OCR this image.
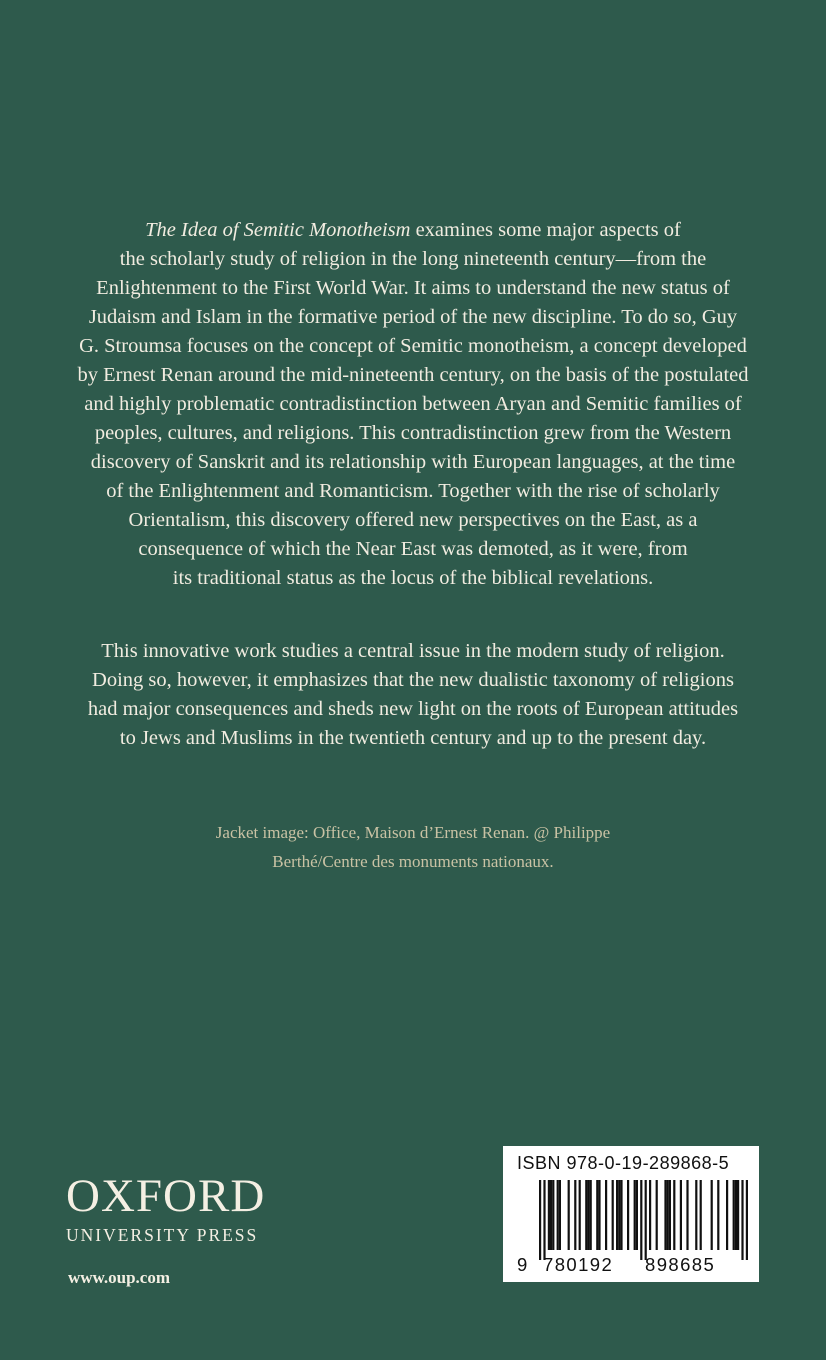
The Idea of Semitic Monotheism examines some major aspects of
the scholarly study of religion in the long nineteenth century—from the
Enlightenment to the First World War. It aims to understand the new status of
Judaism and Islam in the formative period of the new discipline. To do so, Guy
G. Stroumsa focuses on the concept of Semitic monotheism, a concept developed
by Ernest Renan around the mid-nineteenth century, on the basis of the postulated
and highly problematic contradistinction between Aryan and Semitic families of
peoples, cultures, and religions. This contradistinction grew from the Western
discovery of Sanskrit and its relationship with European languages, at the time
of the Enlightenment and Romanticism. Together with the rise of scholarly
Orientalism, this discovery offered new perspectives on the East, as a
consequence of which the Near East was demoted, as it were, from
its traditional status as the locus of the biblical revelations.
This innovative work studies a central issue in the modern study of religion.
Doing so, however, it emphasizes that the new dualistic taxonomy of religions
had major consequences and sheds new light on the roots of European attitudes
to Jews and Muslims in the twentieth century and up to the present day.
Jacket image: Office, Maison d’Ernest Renan. @ Philippe
Berthé/Centre des monuments nationaux.
OXFORD
UNIVERSITY PRESS
www.oup.com
ISBN 978-0-19-289868-5
9 780192 898685
